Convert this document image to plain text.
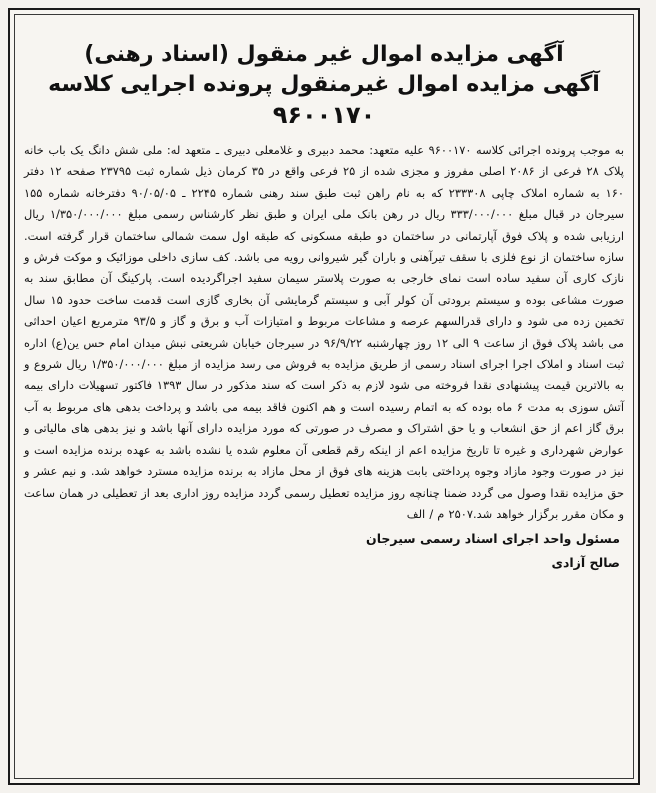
آگهی مزایده اموال غیر منقول (اسناد رهنی)
آگهی مزایده اموال غیرمنقول پرونده اجرایی کلاسه
۹۶۰۰۱۷۰

به موجب پرونده اجرائی کلاسه ۹۶۰۰۱۷۰ علیه متعهد: محمد دبیری و غلامعلی دبیری ـ متعهد له: ملی شش دانگ یک باب خانه پلاک ۲۸ فرعی از ۲۰۸۶ اصلی مفروز و مجزی شده از ۲۵ فرعی واقع در ۳۵ کرمان ذیل شماره ثبت ۲۳۷۹۵ صفحه ۱۲ دفتر ۱۶۰ به شماره املاک چاپی ۲۳۳۳۰۸ که به نام راهن ثبت طبق سند رهنی شماره ۲۲۴۵ ـ ۹۰/۰۵/۰۵ دفترخانه شماره ۱۵۵ سیرجان در قبال مبلغ ۳۳۳/۰۰۰/۰۰۰ ریال در رهن بانک ملی ایران و طبق نظر کارشناس رسمی مبلغ ۱/۳۵۰/۰۰۰/۰۰۰ ریال ارزیابی شده و پلاک فوق آپارتمانی در ساختمان دو طبقه مسکونی که طبقه اول سمت شمالی ساختمان قرار گرفته است. سازه ساختمان از نوع فلزی با سقف تیرآهنی و باران گیر شیروانی رویه می باشد. کف سازی داخلی موزائیک و موکت فرش و نازک کاری آن سفید ساده است نمای خارجی به صورت پلاستر سیمان سفید اجراگردیده است. پارکینگ آن مطابق سند به صورت مشاعی بوده و سیستم برودتی آن کولر آبی و سیستم گرمایشی آن بخاری گازی است قدمت ساخت حدود ۱۵ سال تخمین زده می شود و دارای قدرالسهم عرصه و مشاعات مربوط و امتیازات آب و برق و گاز و ۹۳/۵ مترمربع اعیان احداثی می باشد پلاک فوق از ساعت ۹ الی ۱۲ روز چهارشنبه ۹۶/۹/۲۲ در سیرجان خیابان شریعتی نبش میدان امام حس ین(ع) اداره ثبت اسناد و املاک اجرا اجرای اسناد رسمی از طریق مزایده به فروش می رسد مزایده از مبلغ ۱/۳۵۰/۰۰۰/۰۰۰ ریال شروع و به بالاترین قیمت پیشنهادی نقدا فروخته می شود لازم به ذکر است که سند مذکور در سال ۱۳۹۳ فاکتور تسهیلات دارای بیمه آتش سوزی به مدت ۶ ماه بوده که به اتمام رسیده است و هم اکنون فاقد بیمه می باشد و پرداخت بدهی های مربوط به آب برق گاز اعم از حق انشعاب و یا حق اشتراک و مصرف در صورتی که مورد مزایده دارای آنها باشد و نیز بدهی های مالیاتی و عوارض شهرداری و غیره تا تاریخ مزایده اعم از اینکه رقم قطعی آن معلوم شده یا نشده باشد به عهده برنده مزایده است و نیز در صورت وجود مازاد وجوه پرداختی بابت هزینه های فوق از محل مازاد به برنده مزایده مسترد خواهد شد. و نیم عشر و حق مزایده نقدا وصول می گردد ضمنا چنانچه روز مزایده تعطیل رسمی گردد مزایده روز اداری بعد از تعطیلی در همان ساعت و مکان مقرر برگزار خواهد شد.۲۵۰۷ م / الف

مسئول واحد اجرای اسناد رسمی سیرجان
صالح آزادی
